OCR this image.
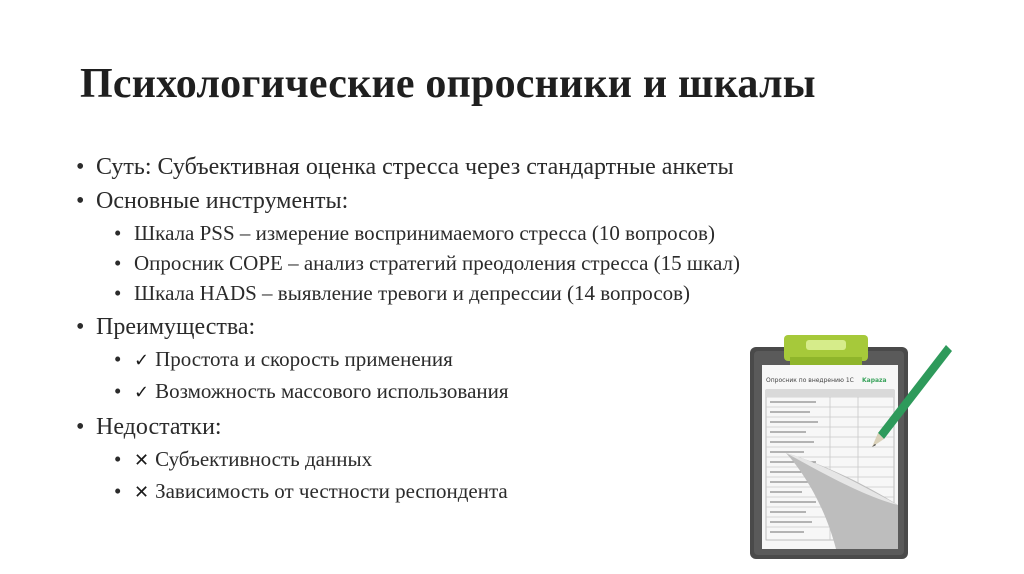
Психологические опросники и шкалы
• Суть: Субъективная оценка стресса через стандартные анкеты
• Основные инструменты:
• Шкала PSS – измерение воспринимаемого стресса (10 вопросов)
• Опросник COPE – анализ стратегий преодоления стресса (15 шкал)
• Шкала HADS – выявление тревоги и депрессии (14 вопросов)
• Преимущества:
• ✓ Простота и скорость применения
• ✓ Возможность массового использования
• Недостатки:
• ✕ Субъективность данных
• ✕ Зависимость от честности респондента
Опросник по внедрению 1С Kapaza
